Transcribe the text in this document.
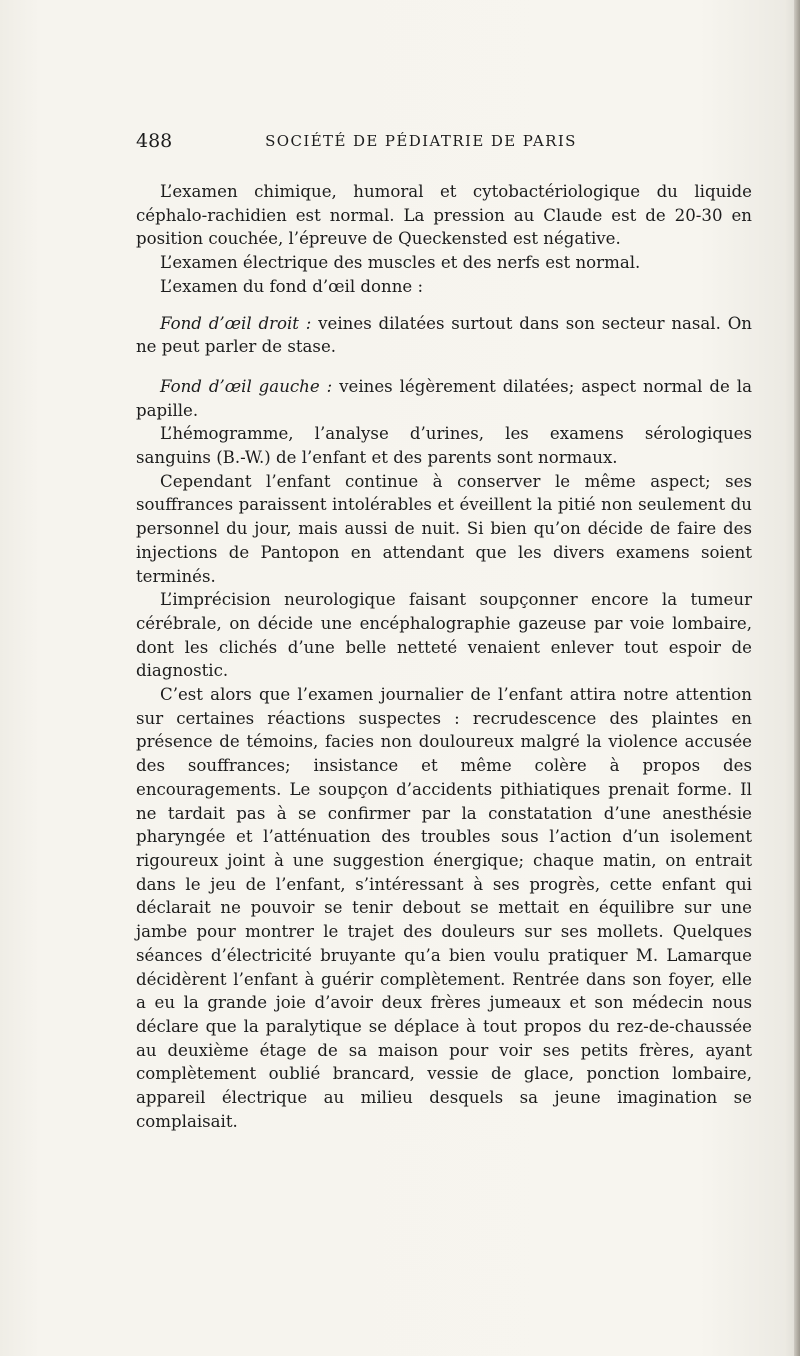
488	SOCIÉTÉ DE PÉDIATRIE DE PARIS

L’examen chimique, humoral et cytobactériologique du liquide céphalo-rachidien est normal. La pression au Claude est de 20-30 en position couchée, l’épreuve de Queckensted est négative.

L’examen électrique des muscles et des nerfs est normal.

L’examen du fond d’œil donne :

Fond d’œil droit : veines dilatées surtout dans son secteur nasal. On ne peut parler de stase.

Fond d’œil gauche : veines légèrement dilatées; aspect normal de la papille.

L’hémogramme, l’analyse d’urines, les examens sérologiques sanguins (B.-W.) de l’enfant et des parents sont normaux.

Cependant l’enfant continue à conserver le même aspect; ses souffrances paraissent intolérables et éveillent la pitié non seulement du personnel du jour, mais aussi de nuit. Si bien qu’on décide de faire des injections de Pantopon en attendant que les divers examens soient terminés.

L’imprécision neurologique faisant soupçonner encore la tumeur cérébrale, on décide une encéphalographie gazeuse par voie lombaire, dont les clichés d’une belle netteté venaient enlever tout espoir de diagnostic.

C’est alors que l’examen journalier de l’enfant attira notre attention sur certaines réactions suspectes : recrudescence des plaintes en présence de témoins, facies non douloureux malgré la violence accusée des souffrances; insistance et même colère à propos des encouragements. Le soupçon d’accidents pithiatiques prenait forme. Il ne tardait pas à se confirmer par la constatation d’une anesthésie pharyngée et l’atténuation des troubles sous l’action d’un isolement rigoureux joint à une suggestion énergique; chaque matin, on entrait dans le jeu de l’enfant, s’intéressant à ses progrès, cette enfant qui déclarait ne pouvoir se tenir debout se mettait en équilibre sur une jambe pour montrer le trajet des douleurs sur ses mollets. Quelques séances d’électricité bruyante qu’a bien voulu pratiquer M. Lamarque décidèrent l’enfant à guérir complètement. Rentrée dans son foyer, elle a eu la grande joie d’avoir deux frères jumeaux et son médecin nous déclare que la paralytique se déplace à tout propos du rez-de-chaussée au deuxième étage de sa maison pour voir ses petits frères, ayant complètement oublié brancard, vessie de glace, ponction lombaire, appareil électrique au milieu desquels sa jeune imagination se complaisait.
